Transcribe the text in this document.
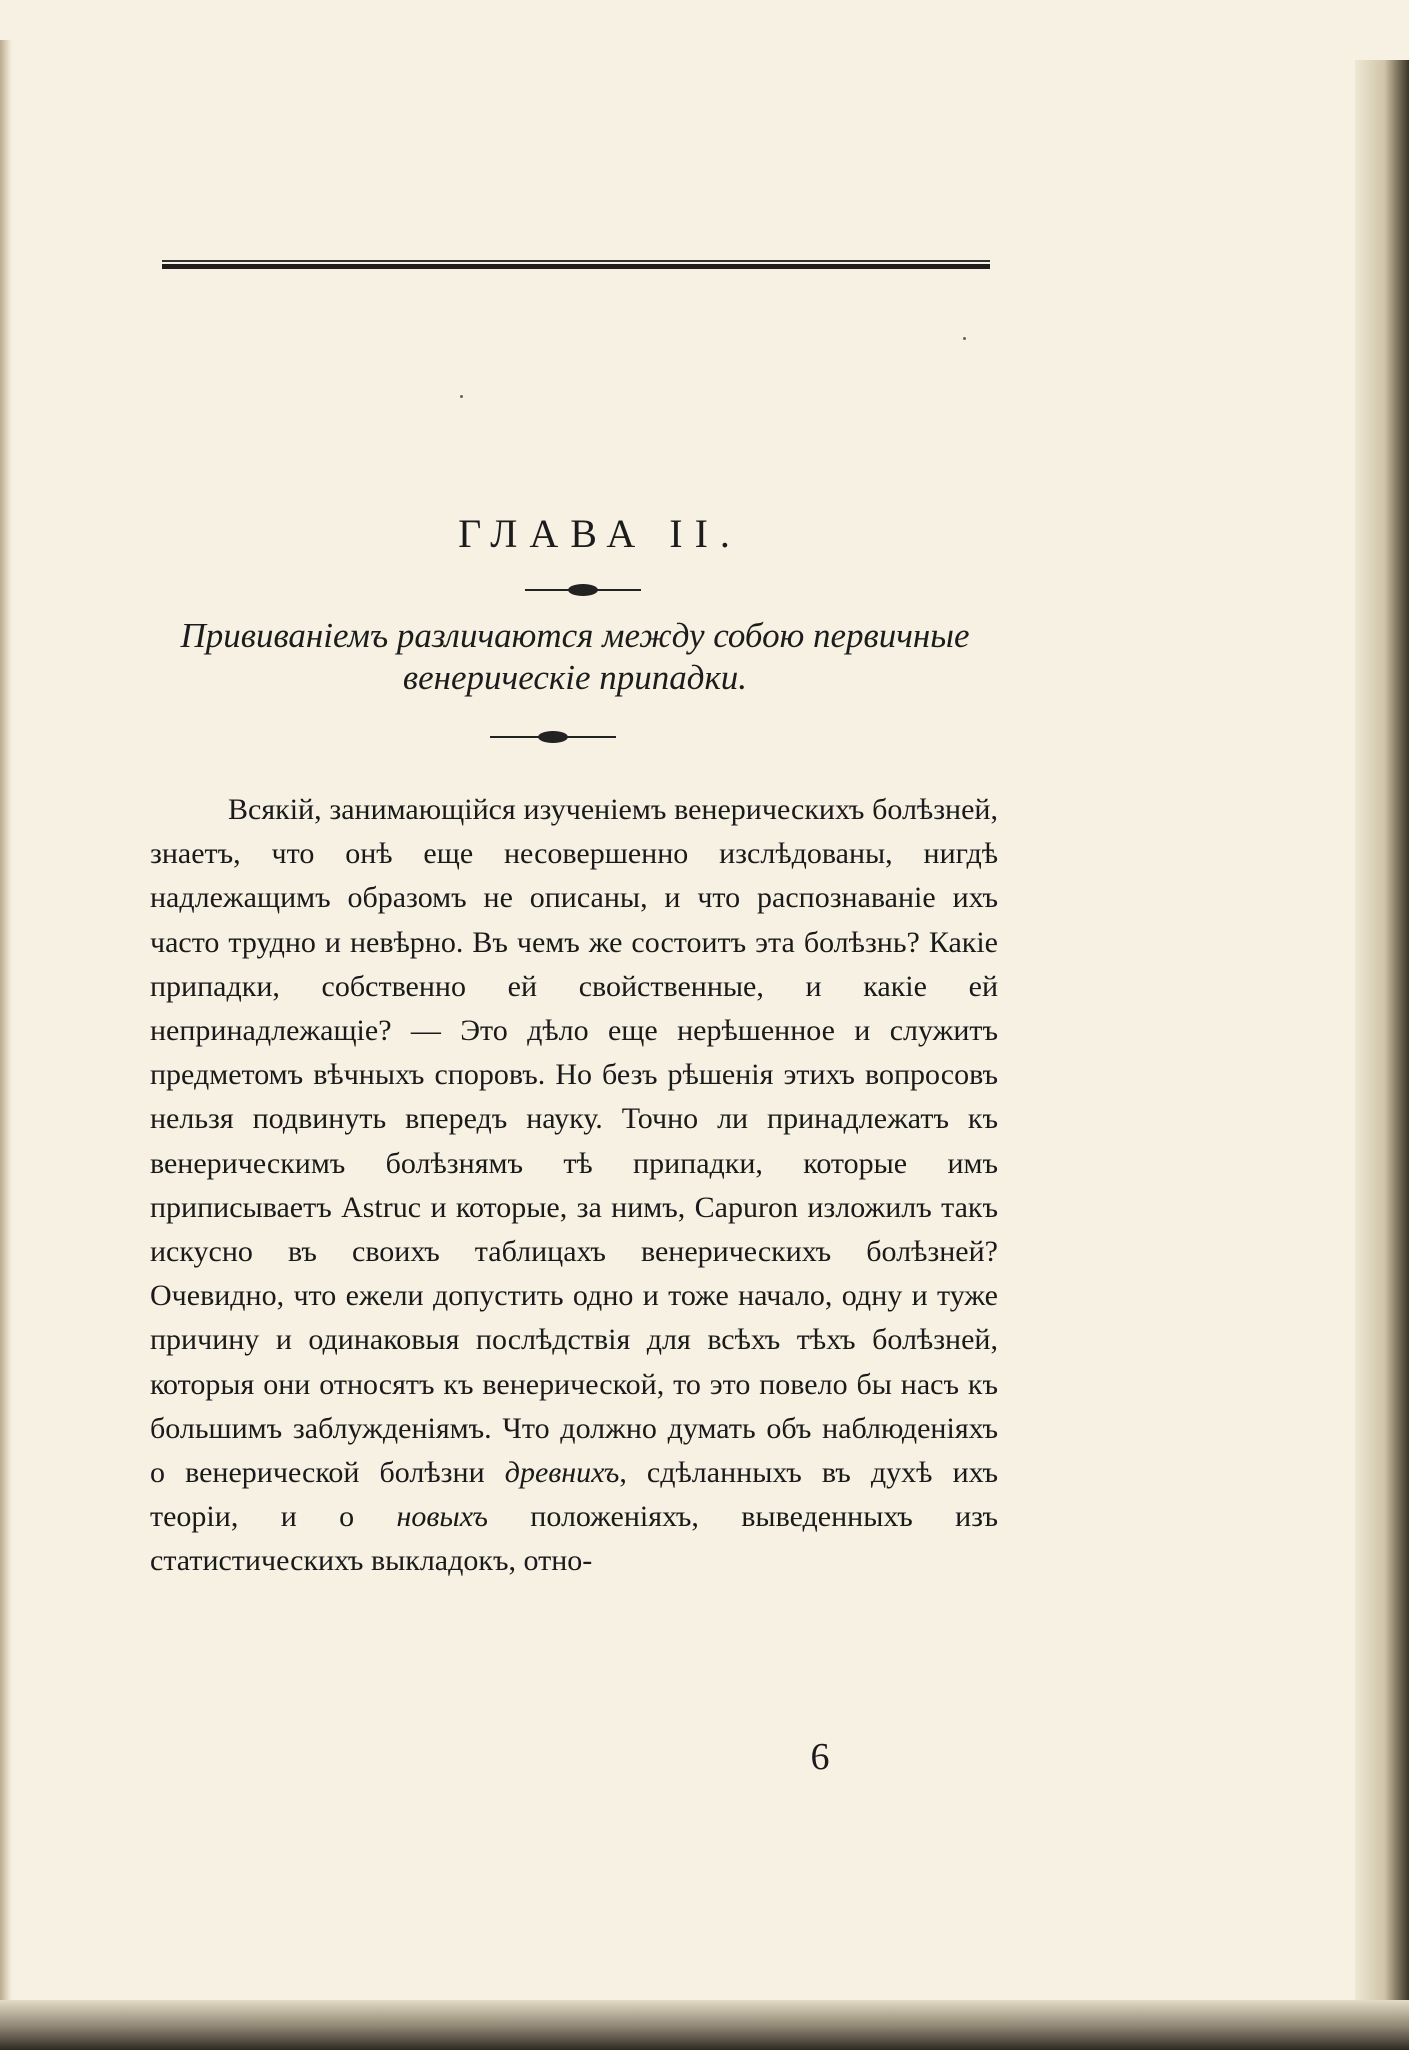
ГЛАВА II.
Прививаніемъ различаются между собою первичные венерическіе припадки.

Всякій, занимающійся изученіемъ венерическихъ болѣзней, знаетъ, что онѣ еще несовершенно изслѣдованы, нигдѣ надлежащимъ образомъ не описаны, и что распознаваніе ихъ часто трудно и невѣрно. Въ чемъ же состоитъ эта болѣзнь? Какіе припадки, собственно ей свойственные, и какіе ей непринадлежащіе? — Это дѣло еще нерѣшенное и служитъ предметомъ вѣчныхъ споровъ. Но безъ рѣшенія этихъ вопросовъ нельзя подвинуть впередъ науку. Точно ли принадлежатъ къ венерическимъ болѣзнямъ тѣ припадки, которые имъ приписываетъ Astruc и которые, за нимъ, Capuron изложилъ такъ искусно въ своихъ таблицахъ венерическихъ болѣзней? Очевидно, что ежели допустить одно и тоже начало, одну и туже причину и одинаковыя послѣдствія для всѣхъ тѣхъ болѣзней, которыя они относятъ къ венерической, то это повело бы насъ къ большимъ заблужденіямъ. Что должно думать объ наблюденіяхъ о венерической болѣзни древнихъ, сдѣланныхъ въ духѣ ихъ теоріи, и о новыхъ положеніяхъ, выведенныхъ изъ статистическихъ выкладокъ, отно-

6
